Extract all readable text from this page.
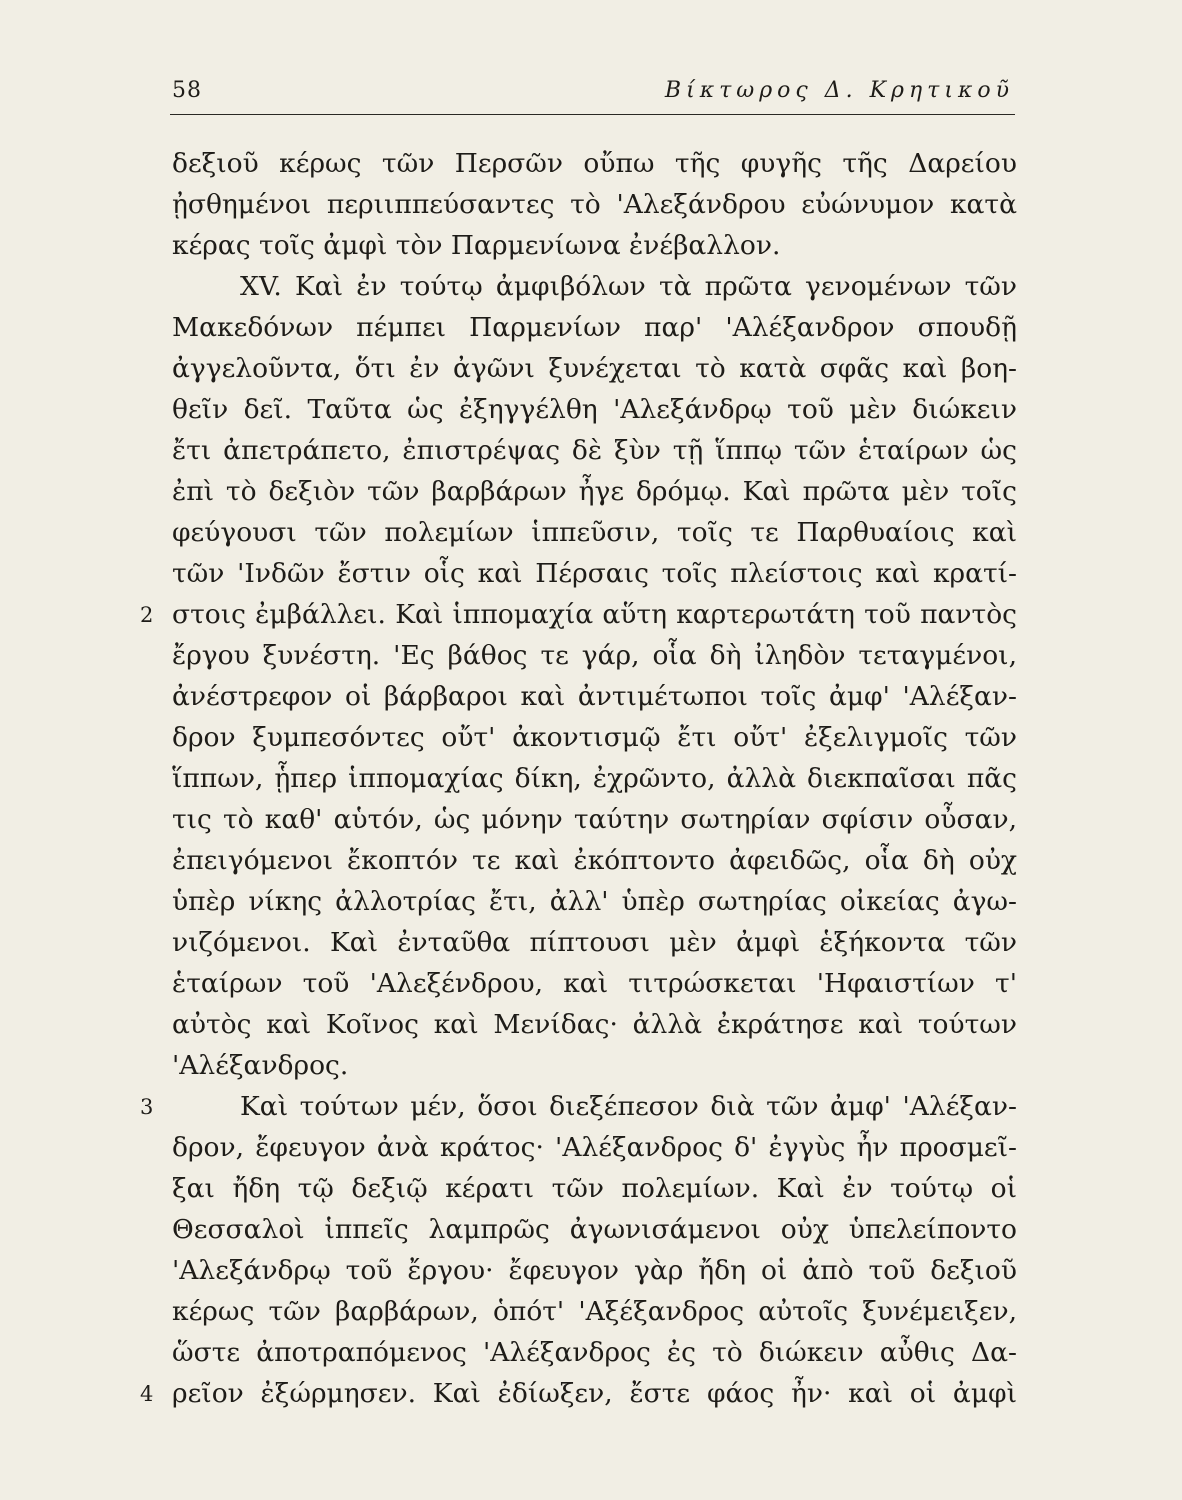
58	Βίκτωρος Δ. Κρητικοῦ
δεξιοῦ κέρως τῶν Περσῶν οὔπω τῆς φυγῆς τῆς Δαρείου
ᾐσθημένοι περιιππεύσαντες τὸ 'Αλεξάνδρου εὐώνυμον κατὰ
κέρας τοῖς ἀμφὶ τὸν Παρμενίωνα ἐνέβαλλον.
XV. Καὶ ἐν τούτῳ ἀμφιβόλων τὰ πρῶτα γενομένων τῶν
Μακεδόνων πέμπει Παρμενίων παρ' 'Αλέξανδρον σπουδῇ
ἀγγελοῦντα, ὅτι ἐν ἀγῶνι ξυνέχεται τὸ κατὰ σφᾶς καὶ βοη-
θεῖν δεῖ. Ταῦτα ὡς ἐξηγγέλθη 'Αλεξάνδρῳ τοῦ μὲν διώκειν
ἔτι ἀπετράπετο, ἐπιστρέψας δὲ ξὺν τῇ ἵππῳ τῶν ἑταίρων ὡς
ἐπὶ τὸ δεξιὸν τῶν βαρβάρων ἦγε δρόμῳ. Καὶ πρῶτα μὲν τοῖς
φεύγουσι τῶν πολεμίων ἱππεῦσιν, τοῖς τε Παρθυαίοις καὶ
τῶν 'Ινδῶν ἔστιν οἷς καὶ Πέρσαις τοῖς πλείστοις καὶ κρατί-
2 στοις ἐμβάλλει. Καὶ ἱππομαχία αὕτη καρτερωτάτη τοῦ παντὸς
ἔργου ξυνέστη. 'Ες βάθος τε γάρ, οἷα δὴ ἰληδὸν τεταγμένοι,
ἀνέστρεφον οἱ βάρβαροι καὶ ἀντιμέτωποι τοῖς ἀμφ' 'Αλέξαν-
δρον ξυμπεσόντες οὔτ' ἀκοντισμῷ ἔτι οὔτ' ἐξελιγμοῖς τῶν
ἵππων, ᾗπερ ἱππομαχίας δίκη, ἐχρῶντο, ἀλλὰ διεκπαῖσαι πᾶς
τις τὸ καθ' αὑτόν, ὡς μόνην ταύτην σωτηρίαν σφίσιν οὖσαν,
ἐπειγόμενοι ἔκοπτόν τε καὶ ἐκόπτοντο ἀφειδῶς, οἷα δὴ οὐχ
ὑπὲρ νίκης ἀλλοτρίας ἔτι, ἀλλ' ὑπὲρ σωτηρίας οἰκείας ἀγω-
νιζόμενοι. Καὶ ἐνταῦθα πίπτουσι μὲν ἀμφὶ ἑξήκοντα τῶν
ἑταίρων τοῦ 'Αλεξένδρου, καὶ τιτρώσκεται 'Ηφαιστίων τ'
αὐτὸς καὶ Κοῖνος καὶ Μενίδας· ἀλλὰ ἐκράτησε καὶ τούτων
'Αλέξανδρος.
3	Καὶ τούτων μέν, ὅσοι διεξέπεσον διὰ τῶν ἀμφ' 'Αλέξαν-
δρον, ἔφευγον ἀνὰ κράτος· 'Αλέξανδρος δ' ἐγγὺς ἦν προσμεῖ-
ξαι ἤδη τῷ δεξιῷ κέρατι τῶν πολεμίων. Καὶ ἐν τούτῳ οἱ
Θεσσαλοὶ ἱππεῖς λαμπρῶς ἀγωνισάμενοι οὐχ ὑπελείποντο
'Αλεξάνδρῳ τοῦ ἔργου· ἔφευγον γὰρ ἤδη οἱ ἀπὸ τοῦ δεξιοῦ
κέρως τῶν βαρβάρων, ὁπότ' 'Αξέξανδρος αὐτοῖς ξυνέμειξεν,
ὥστε ἀποτραπόμενος 'Αλέξανδρος ἐς τὸ διώκειν αὖθις Δα-
4 ρεῖον ἐξώρμησεν. Καὶ ἐδίωξεν, ἔστε φάος ἦν· καὶ οἱ ἀμφὶ
